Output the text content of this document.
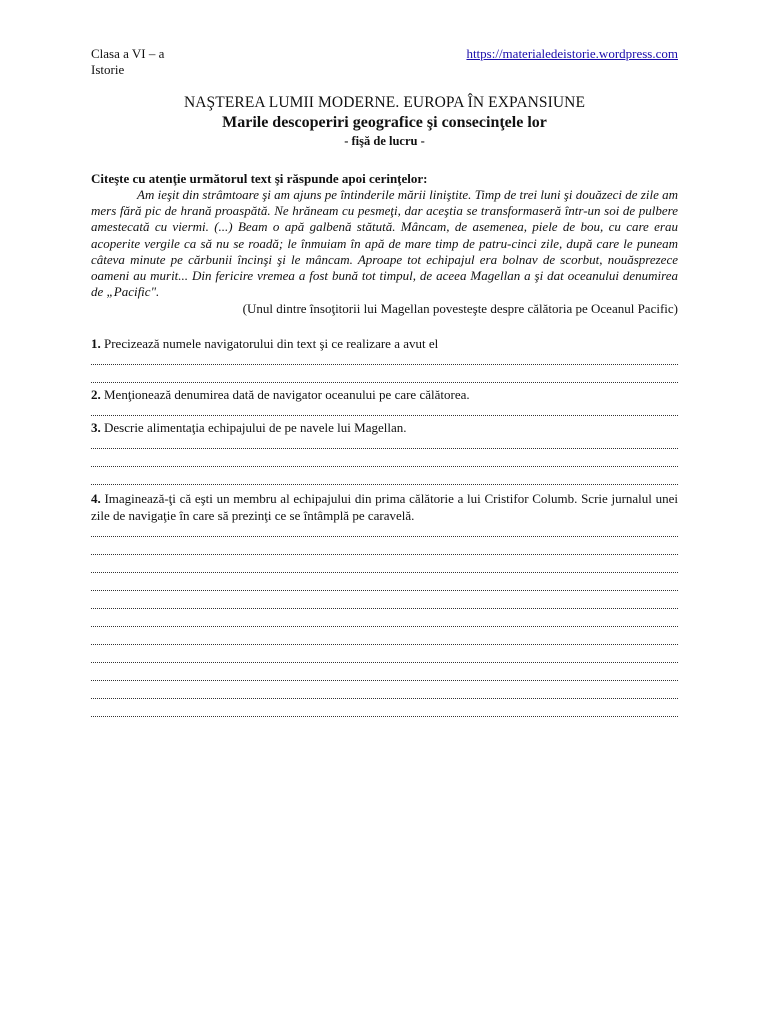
Clasa a VI – a
Istorie
https://materialedeistorie.wordpress.com
NAŞTEREA LUMII MODERNE. EUROPA ÎN EXPANSIUNE
Marile descoperiri geografice şi consecinţele lor
- fişă de lucru -
Citeşte cu atenţie următorul text şi răspunde apoi cerinţelor:

Am ieşit din strâmtoare şi am ajuns pe întinderile mării liniştite. Timp de trei luni şi douăzeci de zile am mers fără pic de hrană proaspătă. Ne hrăneam cu pesmeţi, dar aceştia se transformaseră într-un soi de pulbere amestecată cu viermi. (...) Beam o apă galbenă stătută. Mâncam, de asemenea, piele de bou, cu care erau acoperite vergile ca să nu se roadă; le înmuiam în apă de mare timp de patru-cinci zile, după care le puneam câteva minute pe cărbunii încinşi şi le mâncam. Aproape tot echipajul era bolnav de scorbut, nouăsprezece oameni au murit... Din fericire vremea a fost bună tot timpul, de aceea Magellan a şi dat oceanului denumirea de „Pacific".

(Unul dintre însoţitorii lui Magellan povesteşte despre călătoria pe Oceanul Pacific)
1. Precizează numele navigatorului din text şi ce realizare a avut el
2. Menţionează denumirea dată de navigator oceanului pe care călătorea.
3. Descrie alimentaţia echipajului de pe navele lui Magellan.
4. Imaginează-ţi că eşti un membru al echipajului din prima călătorie a lui Cristifor Columb. Scrie jurnalul unei zile de navigaţie în care să prezinţi ce se întâmplă pe caravelă.
